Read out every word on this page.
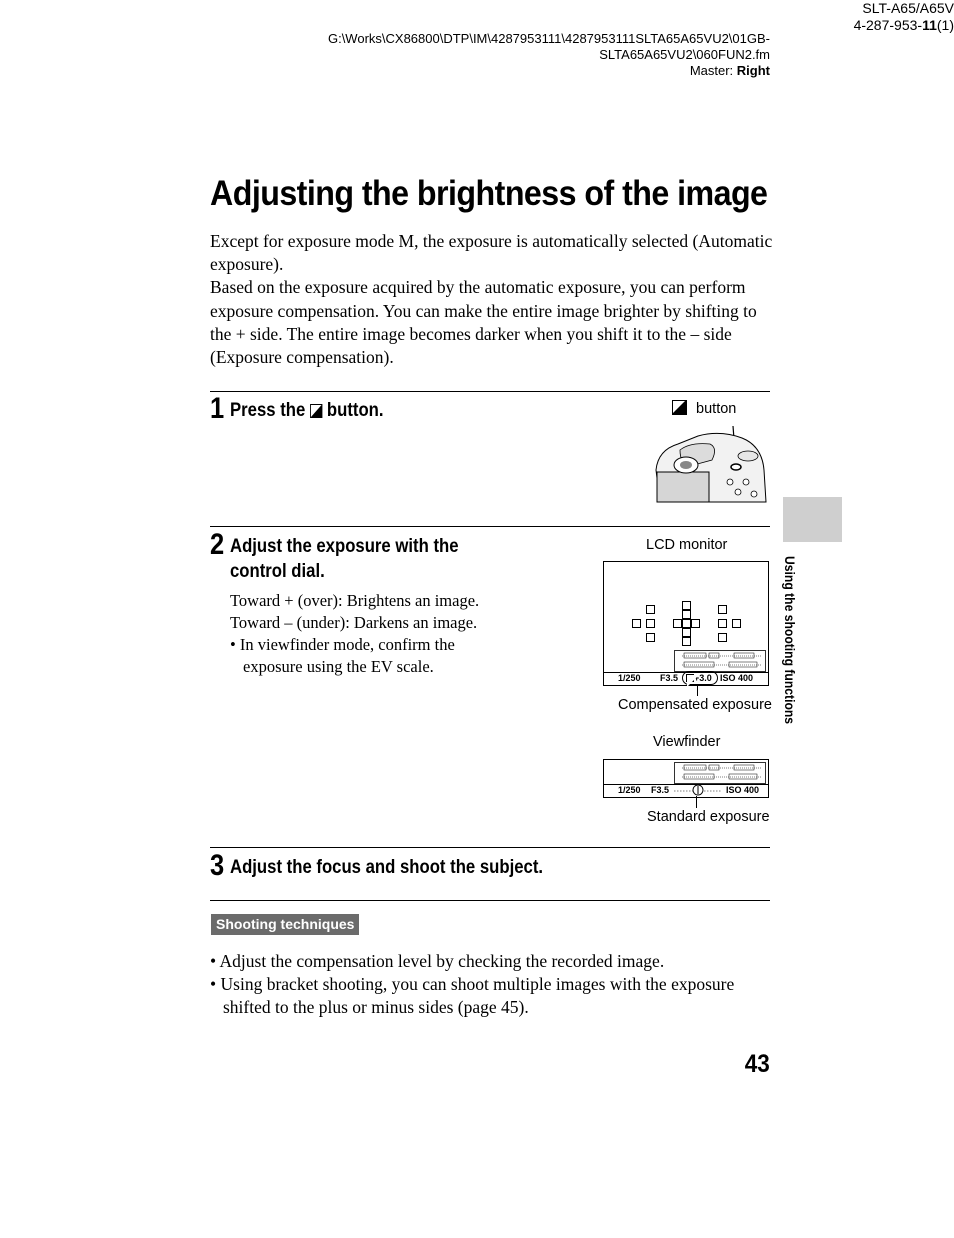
G:\Works\CX86800\DTP\IM\4287953111\4287953111SLTA65A65VU2\01GB-
SLTA65A65VU2\060FUN2.fm
Master: Right
Adjusting the brightness of the image

Except for exposure mode M, the exposure is automatically selected (Automatic exposure).

Based on the exposure acquired by the automatic exposure, you can perform exposure compensation. You can make the entire image brighter by shifting to the + side. The entire image becomes darker when you shift it to the – side (Exposure compensation).

1 Press the  button.	button
2 Adjust the exposure with the
control dial.
Toward + (over): Brightens an image.
Toward – (under): Darkens an image.
• In viewfinder mode, confirm the
exposure using the EV scale.
LCD monitor
1/250 F3.5	+3.0 ISO 400
Compensated exposure
Viewfinder
1/250 F3.5	ISO 400
Standard exposure
3 Adjust the focus and shoot the subject.
Using the shooting functions
Shooting techniques
• Adjust the compensation level by checking the recorded image.
• Using bracket shooting, you can shoot multiple images with the exposure shifted to the plus or minus sides (page 45).
43
SLT-A65/A65V
4-287-953-11(1)
